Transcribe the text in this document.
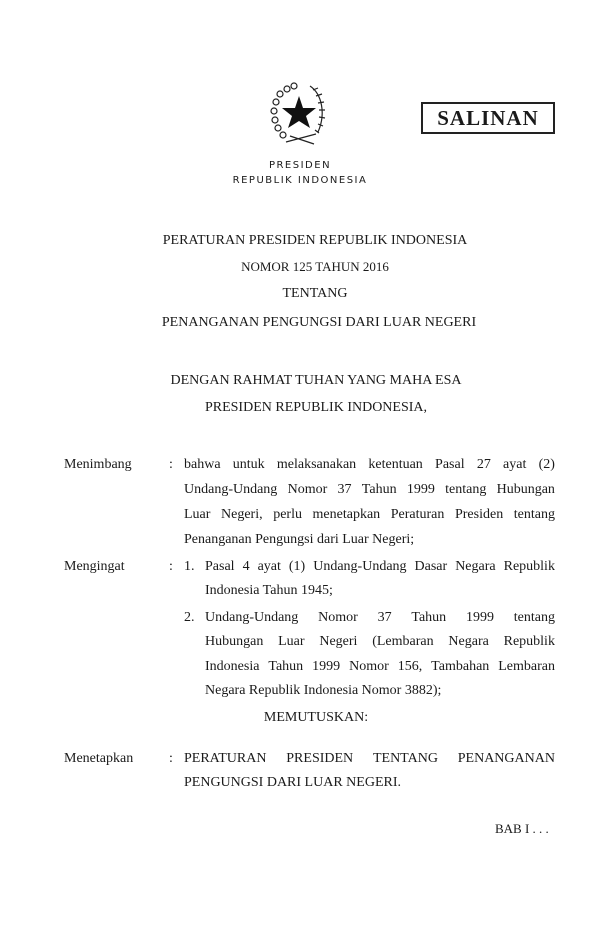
SALINAN
PRESIDEN
REPUBLIK INDONESIA
PERATURAN PRESIDEN REPUBLIK INDONESIA
NOMOR 125 TAHUN 2016
TENTANG
PENANGANAN PENGUNGSI DARI LUAR NEGERI
DENGAN RAHMAT TUHAN YANG MAHA ESA
PRESIDEN REPUBLIK INDONESIA,
Menimbang	: bahwa untuk melaksanakan ketentuan Pasal 27 ayat (2)
Undang-Undang Nomor 37 Tahun 1999 tentang Hubungan
Luar Negeri, perlu menetapkan Peraturan Presiden tentang
Penanganan Pengungsi dari Luar Negeri;
Mengingat	: 1. Pasal 4 ayat (1) Undang-Undang Dasar Negara Republik
Indonesia Tahun 1945;
2. Undang-Undang Nomor 37 Tahun 1999 tentang
Hubungan Luar Negeri (Lembaran Negara Republik
Indonesia Tahun 1999 Nomor 156, Tambahan Lembaran
Negara Republik Indonesia Nomor 3882);
MEMUTUSKAN:
Menetapkan	: PERATURAN PRESIDEN TENTANG PENANGANAN
PENGUNGSI DARI LUAR NEGERI.
BAB I . . .
